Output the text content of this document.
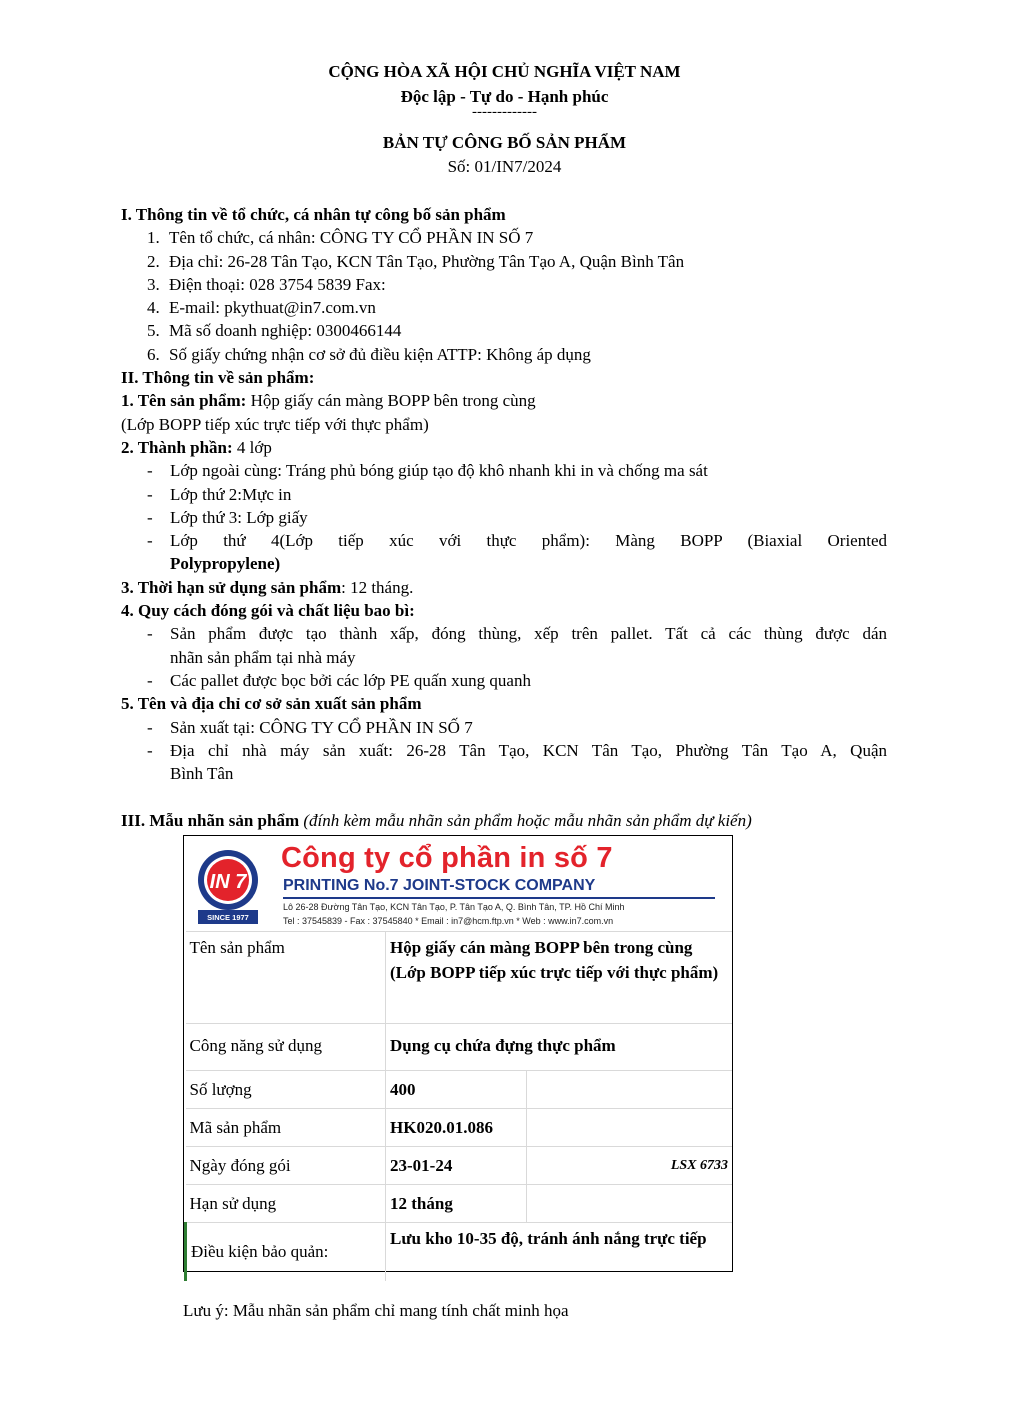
CỘNG HÒA XÃ HỘI CHỦ NGHĨA VIỆT NAM
Độc lập - Tự do - Hạnh phúc
-------------
BẢN TỰ CÔNG BỐ SẢN PHẨM
Số: 01/IN7/2024
I. Thông tin về tổ chức, cá nhân tự công bố sản phẩm
1. Tên tổ chức, cá nhân: CÔNG TY CỔ PHẦN IN SỐ 7
2. Địa chỉ: 26-28 Tân Tạo, KCN Tân Tạo, Phường Tân Tạo A, Quận Bình Tân
3. Điện thoại: 028 3754 5839 Fax:
4. E-mail: pkythuat@in7.com.vn
5. Mã số doanh nghiệp: 0300466144
6. Số giấy chứng nhận cơ sở đủ điều kiện ATTP: Không áp dụng
II. Thông tin về sản phẩm:
1. Tên sản phẩm: Hộp giấy cán màng BOPP bên trong cùng
(Lớp BOPP tiếp xúc trực tiếp với thực phẩm)
2. Thành phần: 4 lớp
- Lớp ngoài cùng: Tráng phủ bóng giúp tạo độ khô nhanh khi in và chống ma sát
- Lớp thứ 2:Mực in
- Lớp thứ 3: Lớp giấy
- Lớp thứ 4(Lớp tiếp xúc với thực phẩm): Màng BOPP (Biaxial Oriented
Polypropylene)
3. Thời hạn sử dụng sản phẩm: 12 tháng.
4. Quy cách đóng gói và chất liệu bao bì:
- Sản phẩm được tạo thành xấp, đóng thùng, xếp trên pallet. Tất cả các thùng được dán
nhãn sản phẩm tại nhà máy
- Các pallet được bọc bởi các lớp PE quấn xung quanh
5. Tên và địa chỉ cơ sở sản xuất sản phẩm
- Sản xuất tại: CÔNG TY CỔ PHẦN IN SỐ 7
- Địa chỉ nhà máy sản xuất: 26-28 Tân Tạo, KCN Tân Tạo, Phường Tân Tạo A, Quận
Bình Tân
III. Mẫu nhãn sản phẩm (đính kèm mẫu nhãn sản phẩm hoặc mẫu nhãn sản phẩm dự kiến)
IN 7
SINCE 1977
Công ty cổ phần in số 7
PRINTING No.7 JOINT-STOCK COMPANY
Lô 26-28 Đường Tân Tạo, KCN Tân Tạo, P. Tân Tạo A, Q. Bình Tân, TP. Hồ Chí Minh
Tel : 37545839 - Fax : 37545840 * Email : in7@hcm.ftp.vn * Web : www.in7.com.vn
Tên sản phẩm	Hộp giấy cán màng BOPP bên trong cùng (Lớp BOPP tiếp xúc trực tiếp với thực phẩm)	
Công năng sử dụng	Dụng cụ chứa đựng thực phẩm	
Số lượng	400	
Mã sản phẩm	HK020.01.086	
Ngày đóng gói	23-01-24	LSX 6733
Hạn sử dụng	12 tháng	
Điều kiện bảo quản:	Lưu kho 10-35 độ, tránh ánh nắng trực tiếp	
Lưu ý: Mẫu nhãn sản phẩm chỉ mang tính chất minh họa
